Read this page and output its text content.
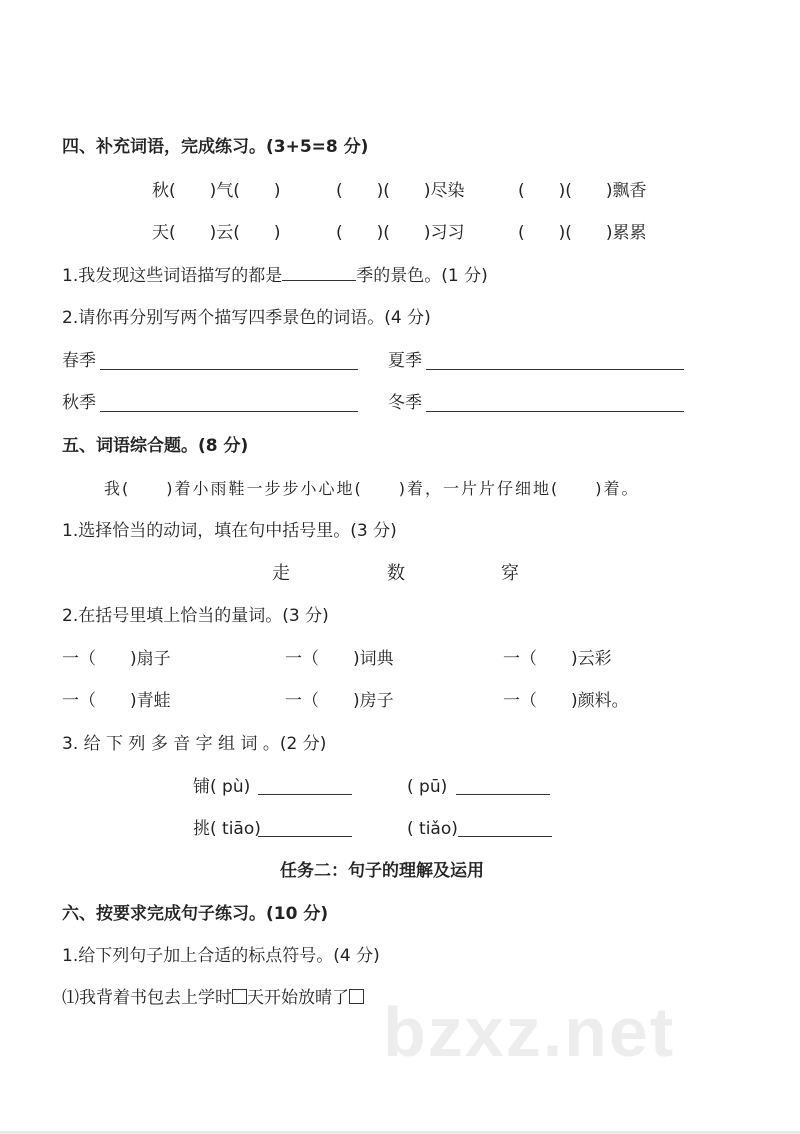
四、补充词语，完成练习。(3+5=8 分)
秋(　　)气(　　)	(　　)(　　)尽染	(　　)(　　)飘香
天(　　)云(　　)	(　　)(　　)习习	(　　)(　　)累累
1.我发现这些词语描写的都是	季的景色。(1 分)
2.请你再分别写两个描写四季景色的词语。(4 分)
春季	夏季
秋季	冬季
五、词语综合题。(8 分)
我(　　)着小雨鞋一步步小心地(　　)着，一片片仔细地(　　)着。
1.选择恰当的动词，填在句中括号里。(3 分)
走	数	穿
2.在括号里填上恰当的量词。(3 分)
一（　　)扇子	一（　　)词典	一（　　)云彩
一（　　)青蛙	一（　　)房子	一（　　)颜料。
3. 给 下 列 多 音 字 组 词 。(2 分)
铺( pù)	( pū)
挑( tiāo)	( tiǎo)
任务二：句子的理解及运用
六、按要求完成句子练习。(10 分)
1.给下列句子加上合适的标点符号。(4 分)
⑴我背着书包去上学时 天开始放晴了 bzxz.net
